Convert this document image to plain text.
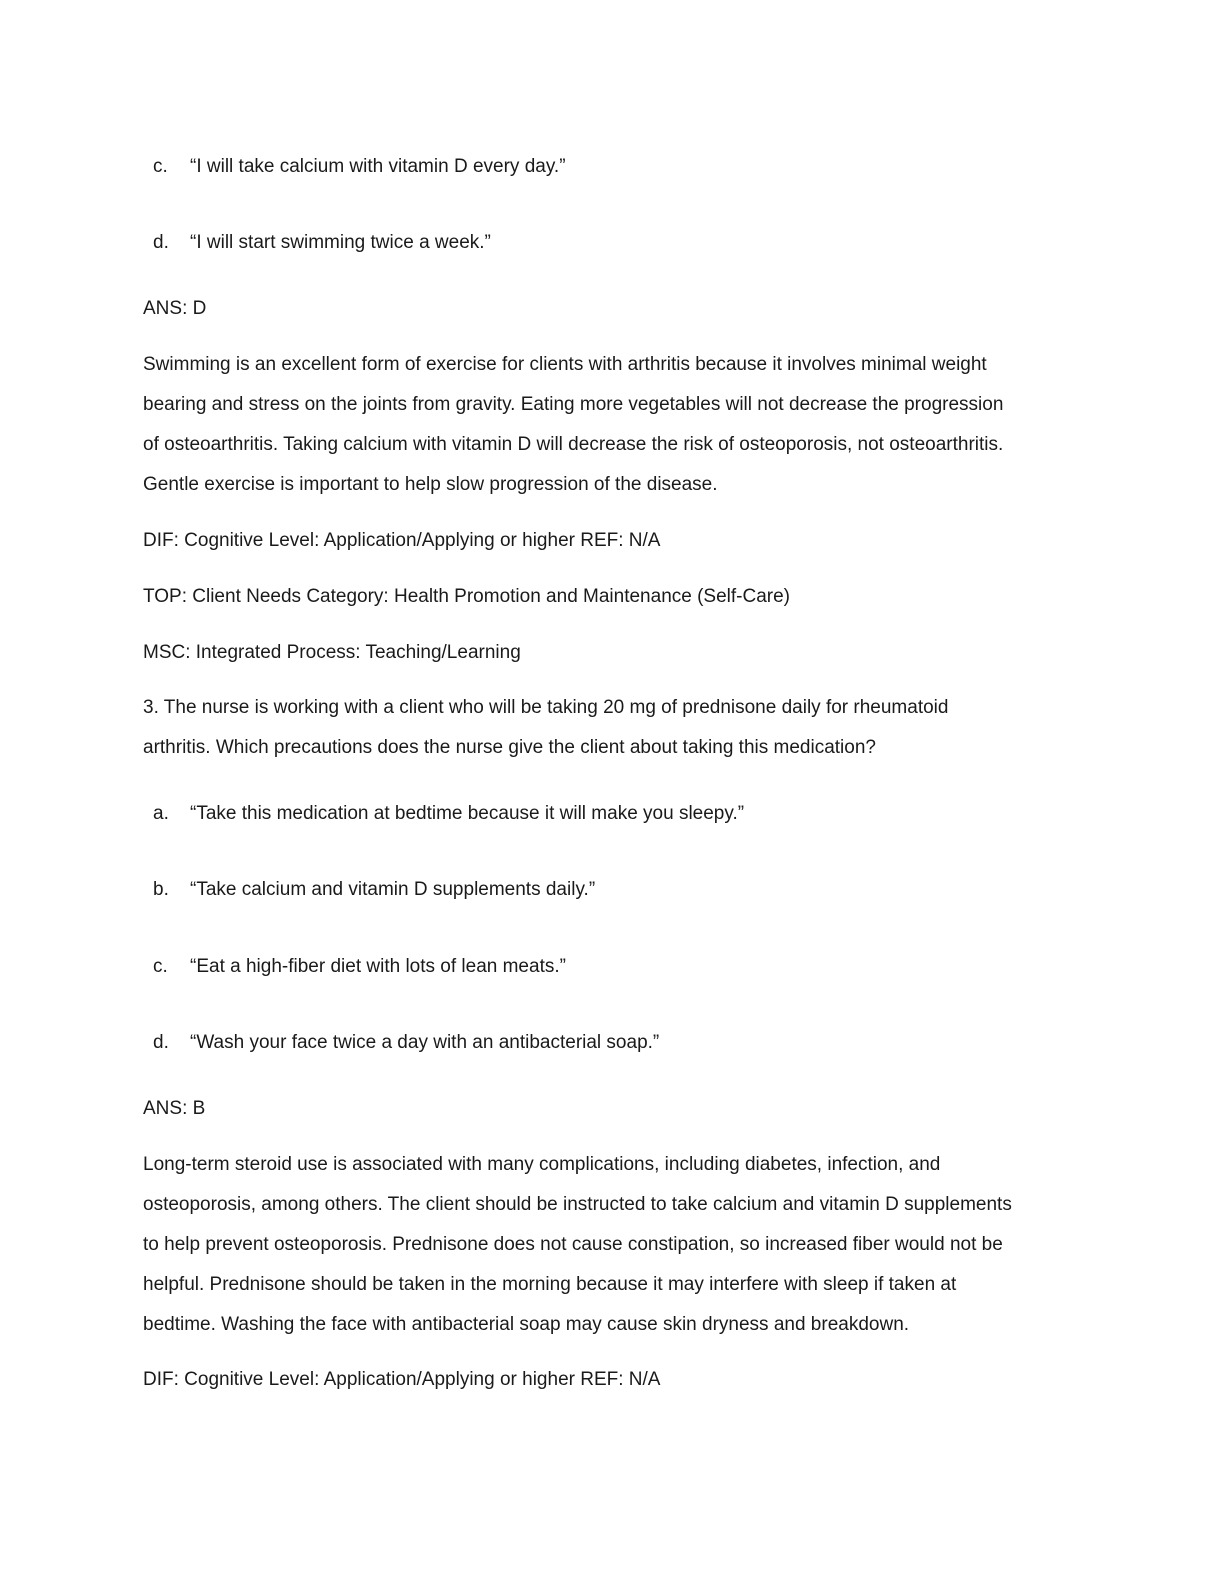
c. “I will take calcium with vitamin D every day.”
d. “I will start swimming twice a week.”
ANS: D
Swimming is an excellent form of exercise for clients with arthritis because it involves minimal weight
bearing and stress on the joints from gravity. Eating more vegetables will not decrease the progression
of osteoarthritis. Taking calcium with vitamin D will decrease the risk of osteoporosis, not osteoarthritis.
Gentle exercise is important to help slow progression of the disease.
DIF: Cognitive Level: Application/Applying or higher REF: N/A
TOP: Client Needs Category: Health Promotion and Maintenance (Self-Care)
MSC: Integrated Process: Teaching/Learning
3. The nurse is working with a client who will be taking 20 mg of prednisone daily for rheumatoid
arthritis. Which precautions does the nurse give the client about taking this medication?
a. “Take this medication at bedtime because it will make you sleepy.”
b. “Take calcium and vitamin D supplements daily.”
c. “Eat a high-fiber diet with lots of lean meats.”
d. “Wash your face twice a day with an antibacterial soap.”
ANS: B
Long-term steroid use is associated with many complications, including diabetes, infection, and
osteoporosis, among others. The client should be instructed to take calcium and vitamin D supplements
to help prevent osteoporosis. Prednisone does not cause constipation, so increased fiber would not be
helpful. Prednisone should be taken in the morning because it may interfere with sleep if taken at
bedtime. Washing the face with antibacterial soap may cause skin dryness and breakdown.
DIF: Cognitive Level: Application/Applying or higher REF: N/A
